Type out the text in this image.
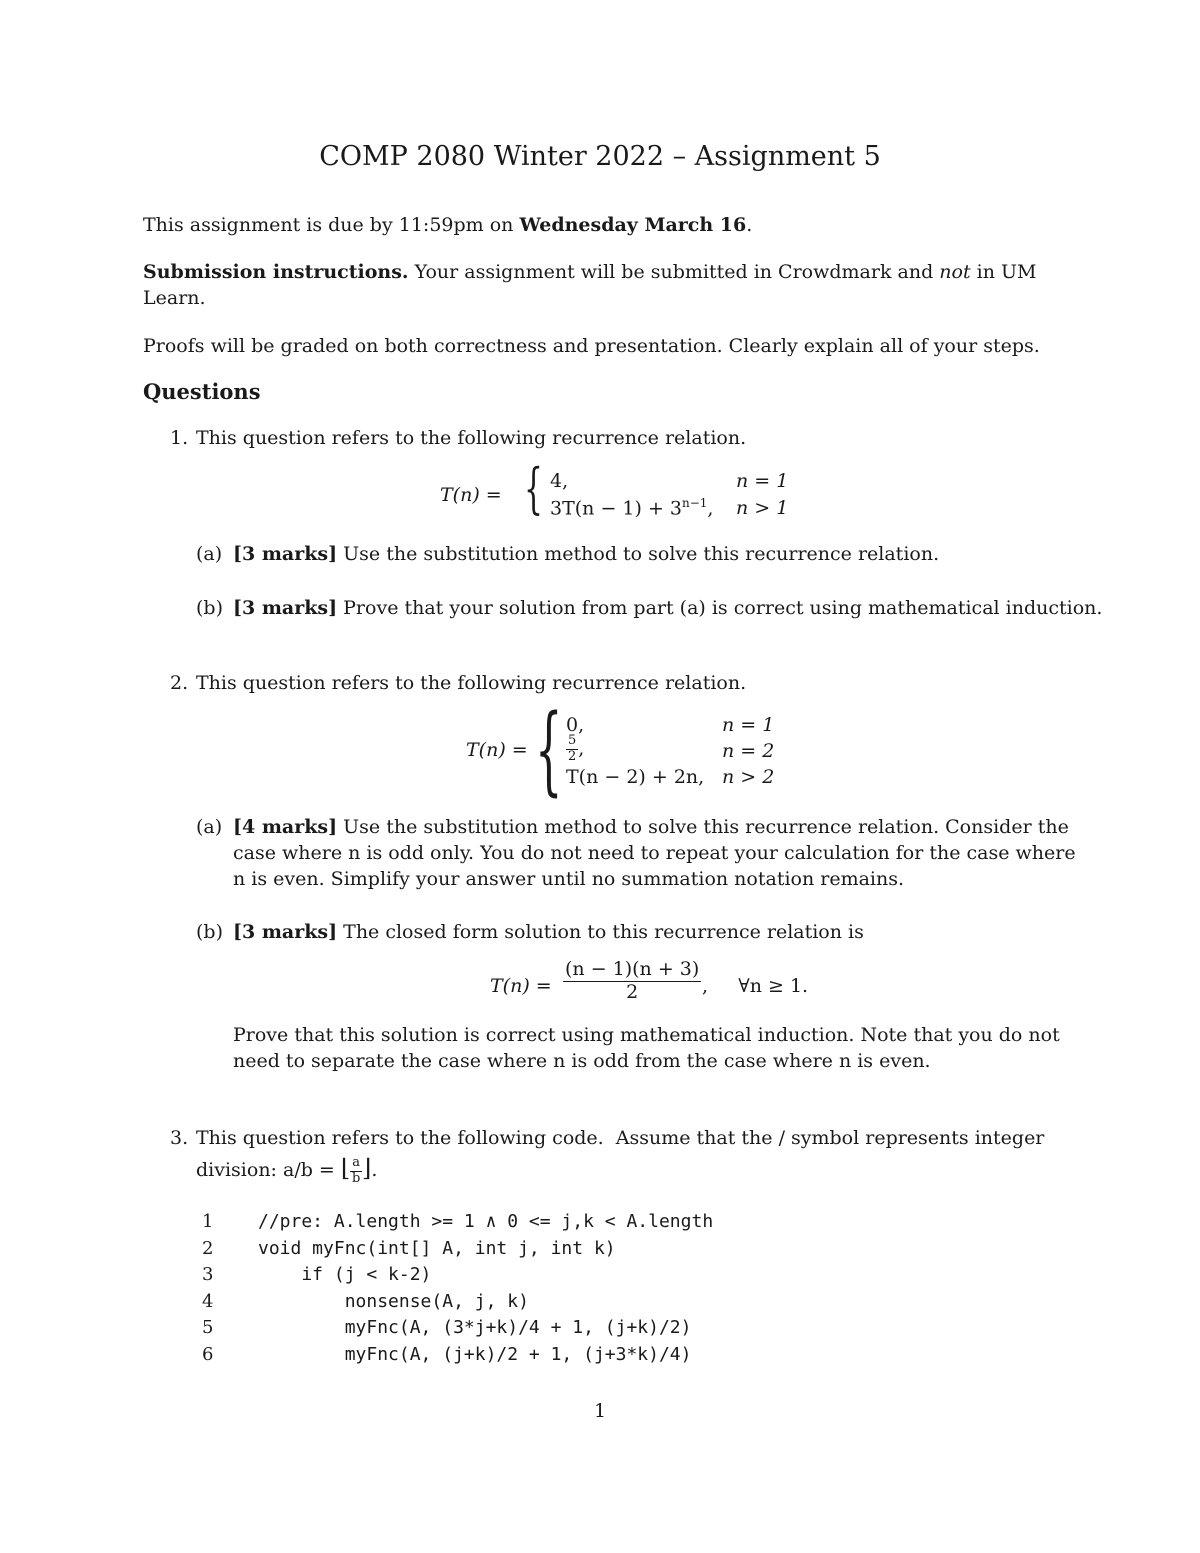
COMP 2080 Winter 2022 – Assignment 5
This assignment is due by 11:59pm on Wednesday March 16.
Submission instructions. Your assignment will be submitted in Crowdmark and not in UM
Learn.
Proofs will be graded on both correctness and presentation. Clearly explain all of your steps.
Questions
1. This question refers to the following recurrence relation.
T(n) = { 4,	n = 1
$3T(n - 1) + 3^{n-1}$, n > 1
(a) [3 marks] Use the substitution method to solve this recurrence relation.
(b) [3 marks] Prove that your solution from part (a) is correct using mathematical induction.
2. This question refers to the following recurrence relation.
T(n) = { 0,	n = 1
$\frac{5}{2}$ ,	n = 2
T(n − 2) + 2n, n > 2
(a) [4 marks] Use the substitution method to solve this recurrence relation. Consider the
case where n is odd only. You do not need to repeat your calculation for the case where
n is even. Simplify your answer until no summation notation remains.
(b) [3 marks] The closed form solution to this recurrence relation is
$T(n) = \frac{(n - 1)(n + 3)}{2}$ ,     ∀n ≥ 1.
Prove that this solution is correct using mathematical induction. Note that you do not
need to separate the case where n is odd from the case where n is even.
3. This question refers to the following code.  Assume that the / symbol represents integer
division: a/b = ⌊ $\frac{a}{b}$ ⌋.
1	//pre: A.length >= 1 ∧ 0 <= j,k < A.length
2	void myFnc(int[] A, int j, int k)
3	if (j < k-2)
4	nonsense(A, j, k)
5	myFnc(A, (3*j+k)/4 + 1, (j+k)/2)
6	myFnc(A, (j+k)/2 + 1, (j+3*k)/4)
1
